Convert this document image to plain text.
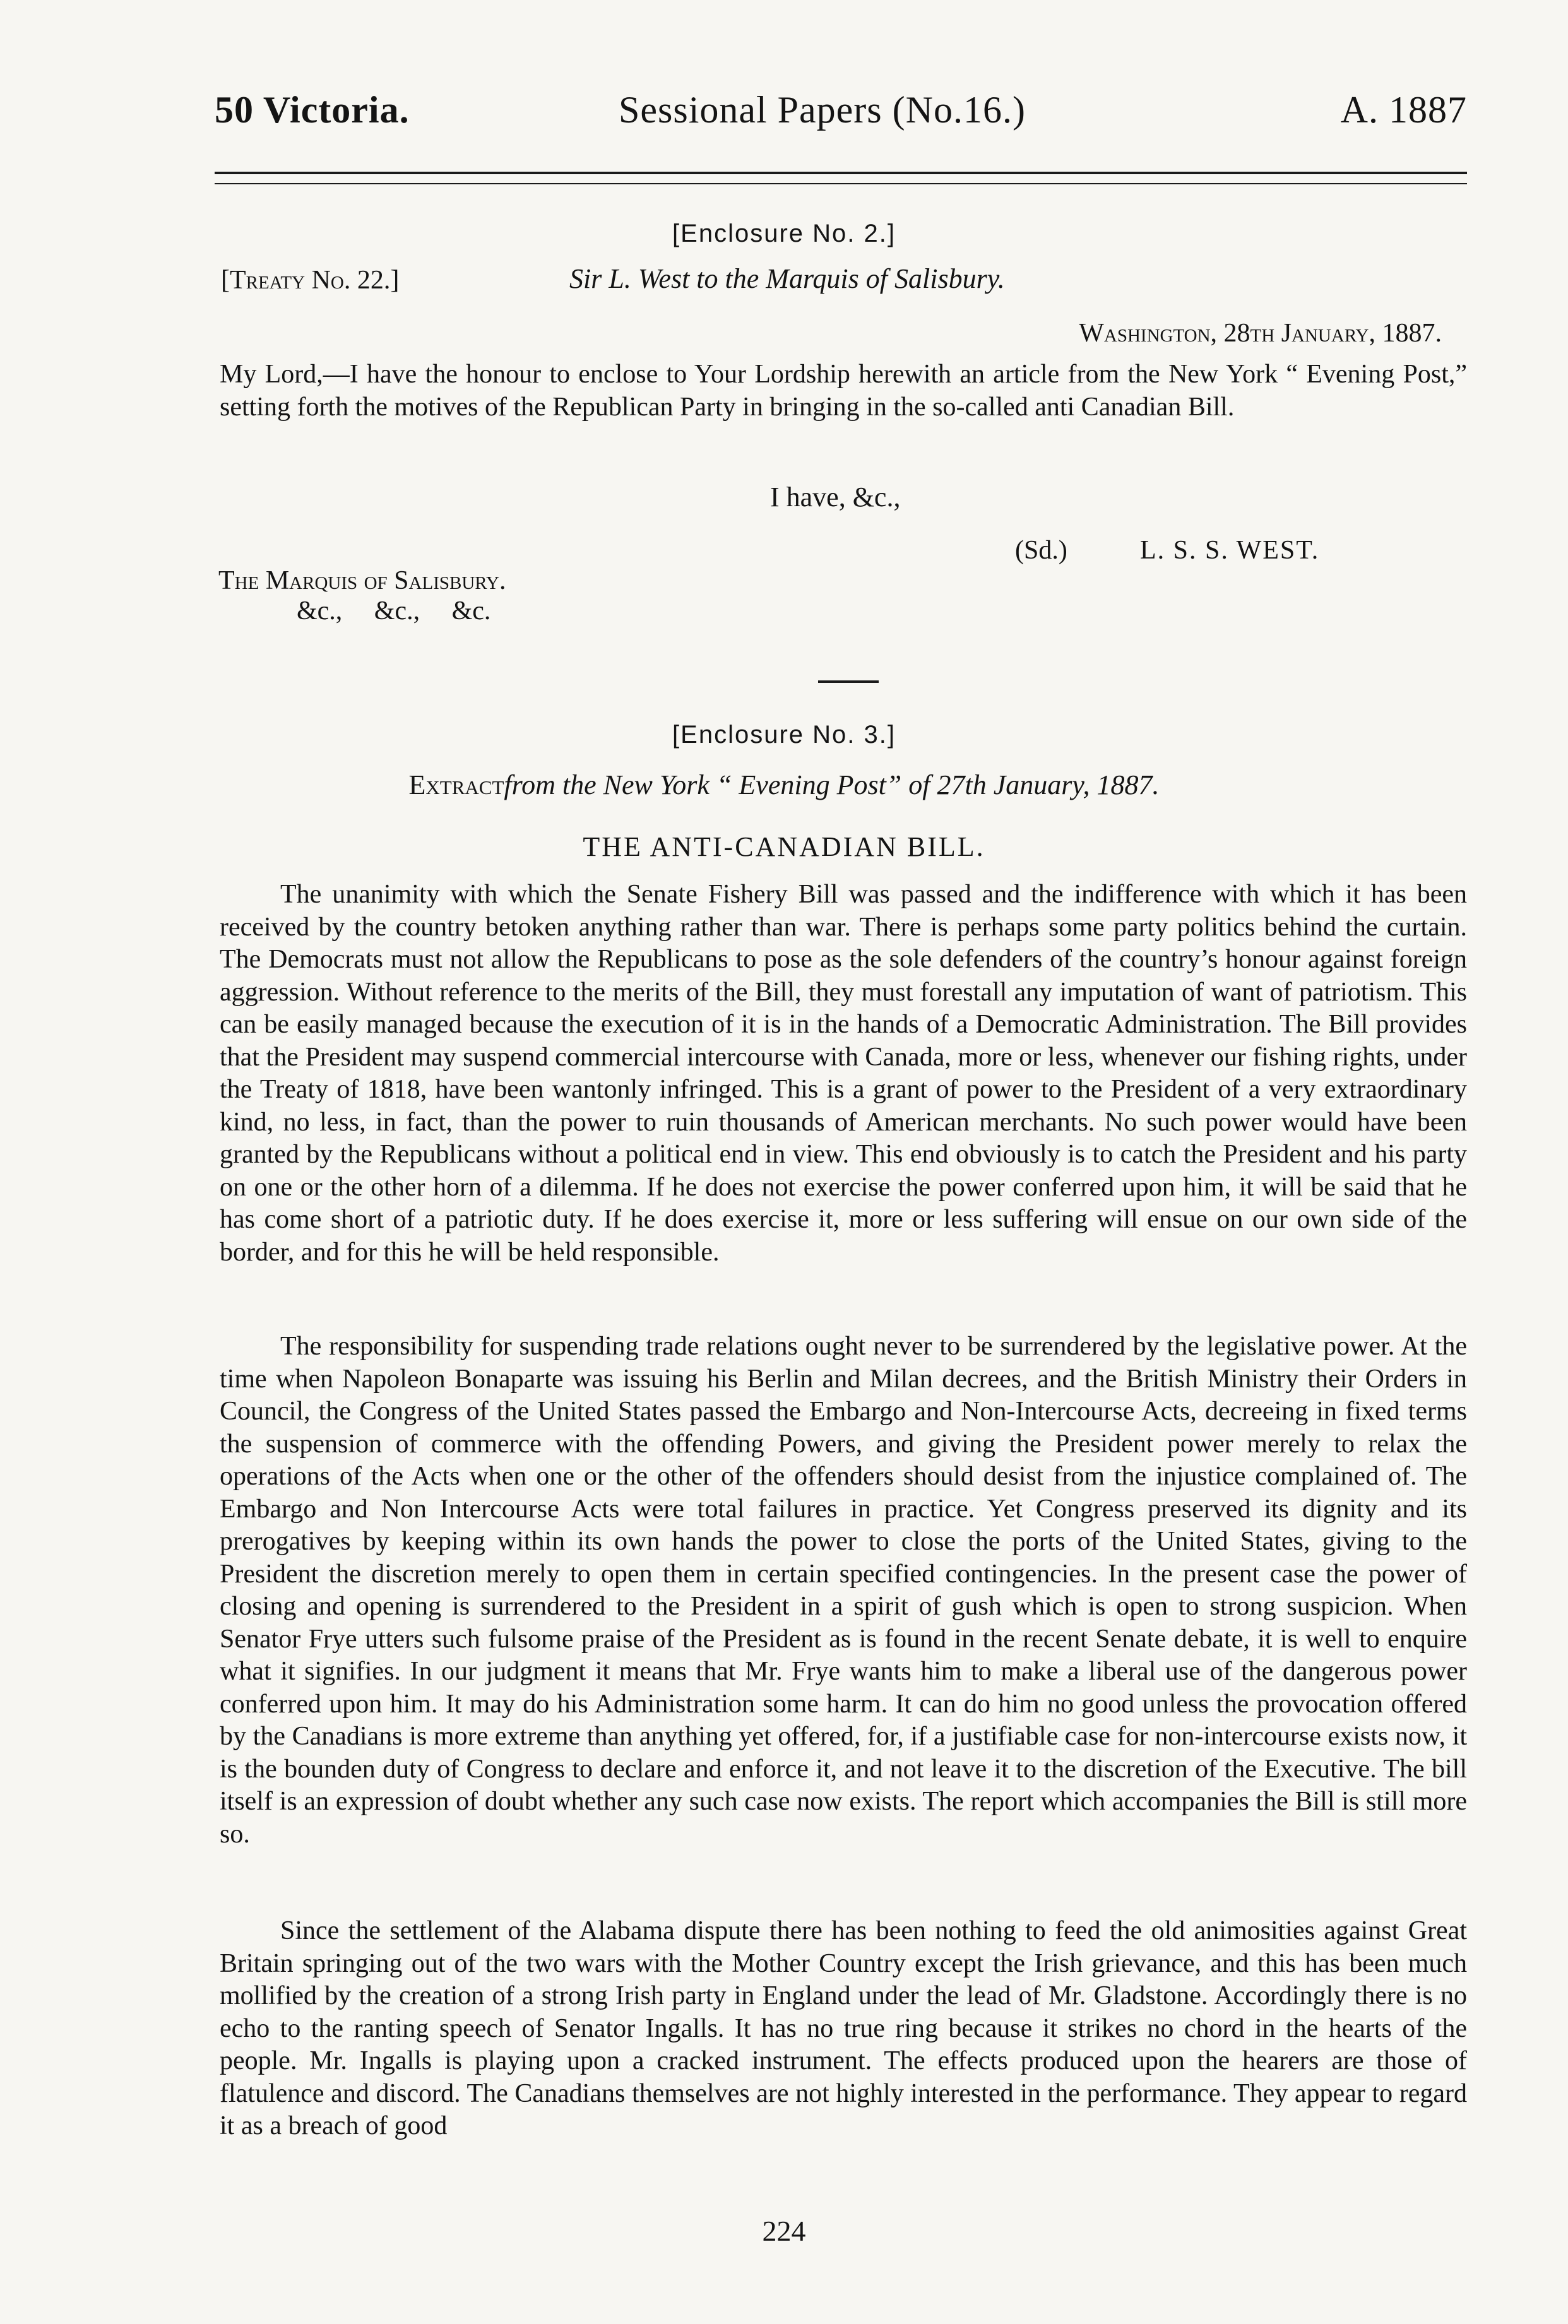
50 Victoria.	Sessional Papers (No.16.)	A. 1887
[Enclosure No. 2.]
[Treaty No. 22.]	Sir L. West to the Marquis of Salisbury.
Washington, 28th January, 1887.

My Lord,—I have the honour to enclose to Your Lordship herewith an article from the New York “ Evening Post,” setting forth the motives of the Republican Party in bringing in the so-called anti Canadian Bill.

I have, &c.,
(Sd.)	L. S. S. WEST.
The Marquis of Salisbury.
&c., &c., &c.
[Enclosure No. 3.]
Extractfrom the New York “ Evening Post” of 27th January, 1887.
THE ANTI-CANADIAN BILL.

The unanimity with which the Senate Fishery Bill was passed and the indifference with which it has been received by the country betoken anything rather than war. There is perhaps some party politics behind the curtain. The Democrats must not allow the Republicans to pose as the sole defenders of the country’s honour against foreign aggression. Without reference to the merits of the Bill, they must forestall any imputation of want of patriotism. This can be easily managed because the execution of it is in the hands of a Democratic Administration. The Bill provides that the President may suspend commercial intercourse with Canada, more or less, whenever our fishing rights, under the Treaty of 1818, have been wantonly infringed. This is a grant of power to the President of a very extraordinary kind, no less, in fact, than the power to ruin thousands of American merchants. No such power would have been granted by the Republicans without a political end in view. This end obviously is to catch the President and his party on one or the other horn of a dilemma. If he does not exercise the power conferred upon him, it will be said that he has come short of a patriotic duty. If he does exercise it, more or less suffering will ensue on our own side of the border, and for this he will be held responsible.

The responsibility for suspending trade relations ought never to be surrendered by the legislative power. At the time when Napoleon Bonaparte was issuing his Berlin and Milan decrees, and the British Ministry their Orders in Council, the Congress of the United States passed the Embargo and Non-Intercourse Acts, decreeing in fixed terms the suspension of commerce with the offending Powers, and giving the President power merely to relax the operations of the Acts when one or the other of the offenders should desist from the injustice complained of. The Embargo and Non Intercourse Acts were total failures in practice. Yet Congress preserved its dignity and its prerogatives by keeping within its own hands the power to close the ports of the United States, giving to the President the discretion merely to open them in certain specified contingencies. In the present case the power of closing and opening is surrendered to the President in a spirit of gush which is open to strong suspicion. When Senator Frye utters such fulsome praise of the President as is found in the recent Senate debate, it is well to enquire what it signifies. In our judgment it means that Mr. Frye wants him to make a liberal use of the dangerous power conferred upon him. It may do his Administration some harm. It can do him no good unless the provocation offered by the Canadians is more extreme than anything yet offered, for, if a justifiable case for non-intercourse exists now, it is the bounden duty of Congress to declare and enforce it, and not leave it to the discretion of the Executive. The bill itself is an expression of doubt whether any such case now exists. The report which accompanies the Bill is still more so.

Since the settlement of the Alabama dispute there has been nothing to feed the old animosities against Great Britain springing out of the two wars with the Mother Country except the Irish grievance, and this has been much mollified by the creation of a strong Irish party in England under the lead of Mr. Gladstone. Accordingly there is no echo to the ranting speech of Senator Ingalls. It has no true ring because it strikes no chord in the hearts of the people. Mr. Ingalls is playing upon a cracked instrument. The effects produced upon the hearers are those of flatulence and discord. The Canadians themselves are not highly interested in the performance. They appear to regard it as a breach of good

224
